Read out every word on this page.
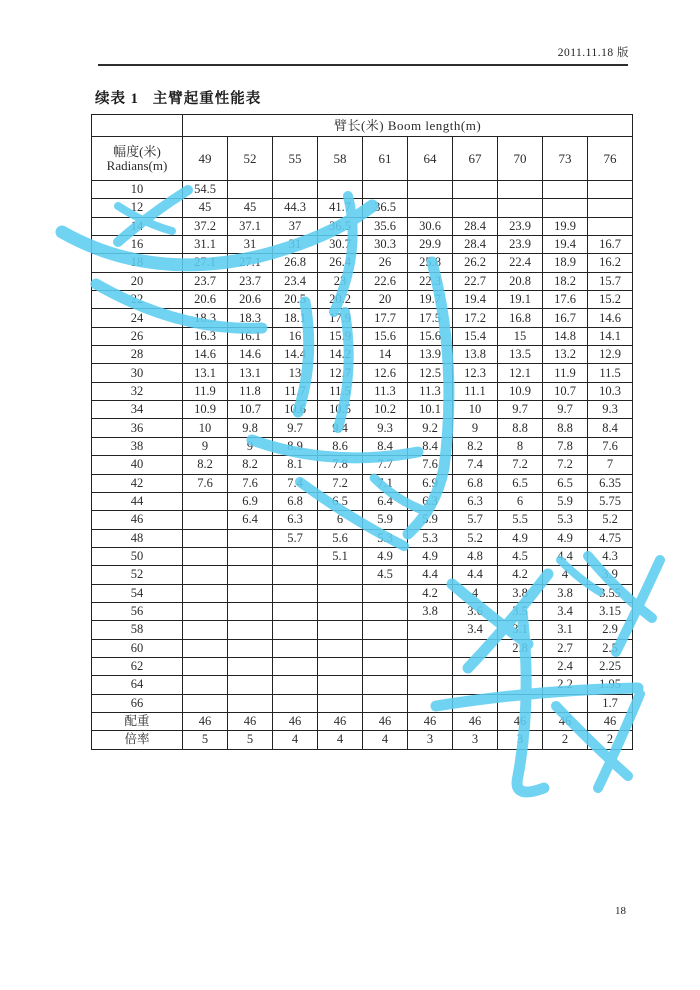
2011.11.18 版
续表 1   主臂起重性能表
	臂长(米) Boom length(m)									

幅度(米)
Radians(m)	49	52	55	58	61	64	67	70	73	76
10	54.5									
12	45	45	44.3	41.7	36.5					
14	37.2	37.1	37	36.5	35.6	30.6	28.4	23.9	19.9	
16	31.1	31	31	30.7	30.3	29.9	28.4	23.9	19.4	16.7
18	27.1	27.1	26.8	26.4	26	25.8	26.2	22.4	18.9	16.2
20	23.7	23.7	23.4	23	22.6	22.3	22.7	20.8	18.2	15.7
22	20.6	20.6	20.5	20.2	20	19.7	19.4	19.1	17.6	15.2
24	18.3	18.3	18.1	17.9	17.7	17.5	17.2	16.8	16.7	14.6
26	16.3	16.1	16	15.9	15.6	15.6	15.4	15	14.8	14.1
28	14.6	14.6	14.4	14.2	14	13.9	13.8	13.5	13.2	12.9
30	13.1	13.1	13	12.7	12.6	12.5	12.3	12.1	11.9	11.5
32	11.9	11.8	11.7	11.5	11.3	11.3	11.1	10.9	10.7	10.3
34	10.9	10.7	10.6	10.5	10.2	10.1	10	9.7	9.7	9.3
36	10	9.8	9.7	9.4	9.3	9.2	9	8.8	8.8	8.4
38	9	9	8.9	8.6	8.4	8.4	8.2	8	7.8	7.6
40	8.2	8.2	8.1	7.8	7.7	7.6	7.4	7.2	7.2	7
42	7.6	7.6	7.4	7.2	7.1	6.9	6.8	6.5	6.5	6.35
44		6.9	6.8	6.5	6.4	6.3	6.3	6	5.9	5.75
46		6.4	6.3	6	5.9	5.9	5.7	5.5	5.3	5.2
48			5.7	5.6	5.3	5.3	5.2	4.9	4.9	4.75
50				5.1	4.9	4.9	4.8	4.5	4.4	4.3
52					4.5	4.4	4.4	4.2	4	3.9
54						4.2	4	3.8	3.8	3.55
56						3.8	3.6	3.5	3.4	3.15
58							3.4	3.1	3.1	2.9
60								2.8	2.7	2.5
62									2.4	2.25
64									2.2	1.95
66										1.7
配重	46	46	46	46	46	46	46	46	46	46
倍率	5	5	4	4	4	3	3	3	2	2
18
